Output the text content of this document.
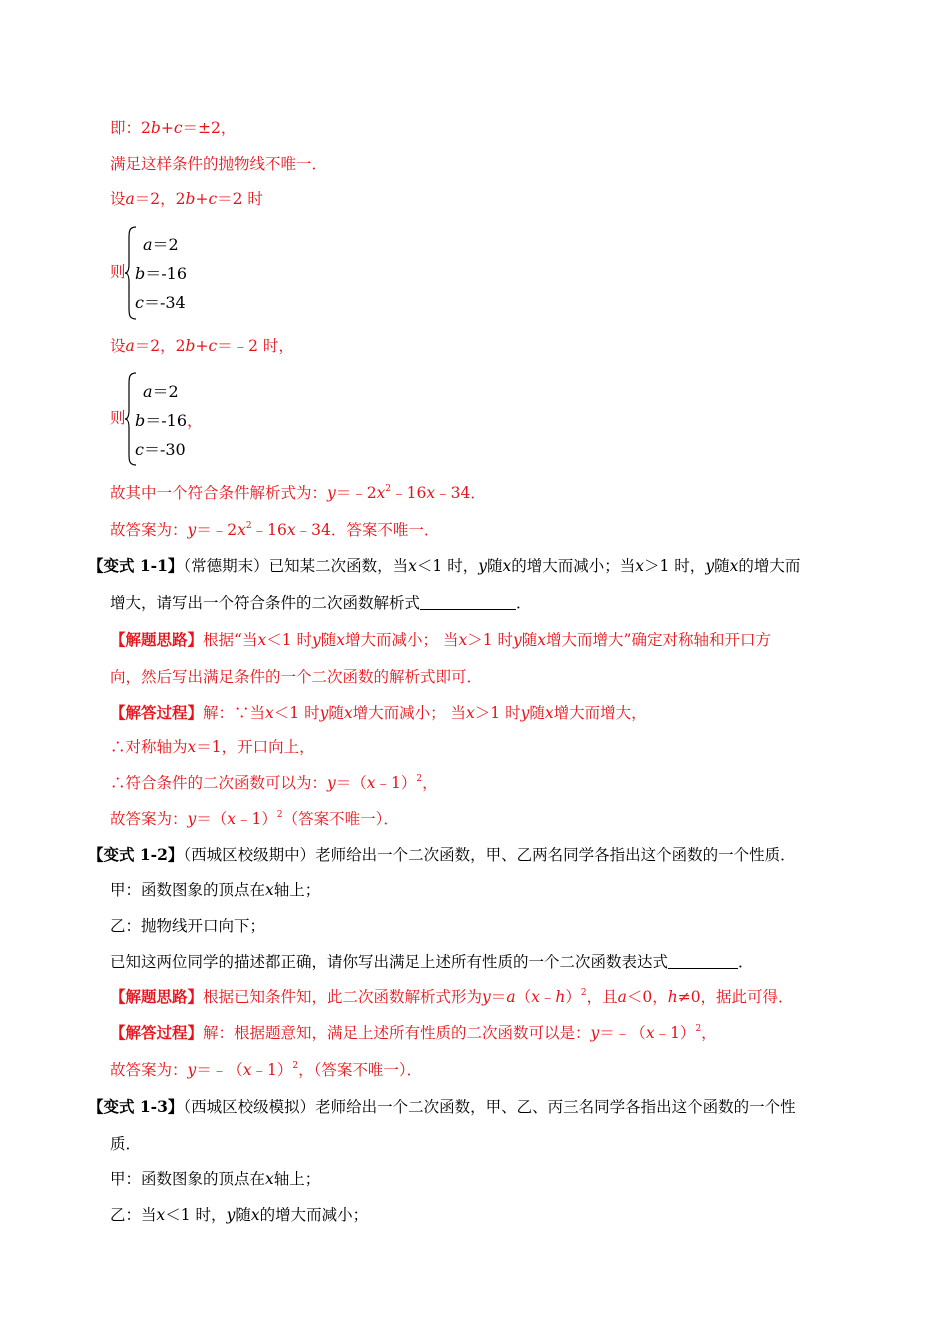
即：2b+c＝±2，
满足这样条件的抛物线不唯一．
设a＝2，2b+c＝2 时
则
a＝2
b＝-16
c＝-34
设a＝2，2b+c＝﹣2 时，
则
a＝2
b＝-16，
c＝-30
故其中一个符合条件解析式为：$y=﹣2x^2﹣16x﹣34$．
故答案为：$y=﹣2x^2﹣16x﹣34$．答案不唯一．
【变式 1-1】（常德期末）已知某二次函数，当x＜1 时，y随x的增大而减小；当x＞1 时，y随x的增大而
增大，请写出一个符合条件的二次函数解析式	．
【解题思路】根据“当x＜1 时y随x增大而减小； 当x＞1 时y随x增大而增大”确定对称轴和开口方
向，然后写出满足条件的一个二次函数的解析式即可．
【解答过程】解：∵当x＜1 时y随x增大而减小； 当x＞1 时y随x增大而增大，
∴对称轴为x＝1，开口向上，
∴符合条件的二次函数可以为：y＝（x﹣1）$^2$，
故答案为：y＝（x﹣1）$^2$（答案不唯一）．
【变式 1-2】（西城区校级期中）老师给出一个二次函数，甲、乙两名同学各指出这个函数的一个性质．
甲：函数图象的顶点在x轴上；
乙：抛物线开口向下；
已知这两位同学的描述都正确，请你写出满足上述所有性质的一个二次函数表达式	．
【解题思路】根据已知条件知，此二次函数解析式形为y＝a（x﹣h）$^2$，且a＜0，h≠0，据此可得．
【解答过程】解：根据题意知，满足上述所有性质的二次函数可以是：y＝﹣（x﹣1）$^2$，
故答案为：y＝﹣（x﹣1）$^2$，（答案不唯一）．
【变式 1-3】（西城区校级模拟）老师给出一个二次函数，甲、乙、丙三名同学各指出这个函数的一个性
质．
甲：函数图象的顶点在x轴上；
乙：当x＜1 时，y随x的增大而减小；
